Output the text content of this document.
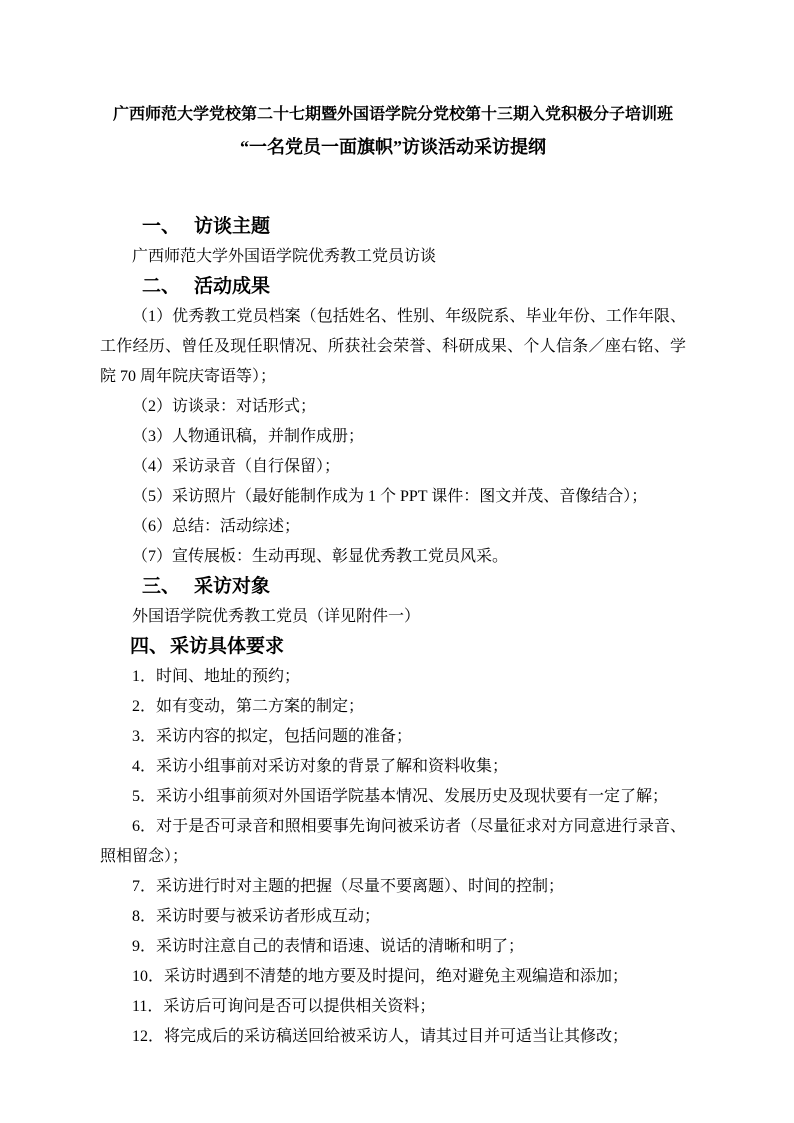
广西师范大学党校第二十七期暨外国语学院分党校第十三期入党积极分子培训班
“一名党员一面旗帜”访谈活动采访提纲
一、 访谈主题

广西师范大学外国语学院优秀教工党员访谈

二、 活动成果

（1）优秀教工党员档案（包括姓名、性别、年级院系、毕业年份、工作年限、工作经历、曾任及现任职情况、所获社会荣誉、科研成果、个人信条／座右铭、学院 70 周年院庆寄语等）；

（2）访谈录：对话形式；

（3）人物通讯稿，并制作成册；

（4）采访录音（自行保留）；

（5）采访照片（最好能制作成为 1 个 PPT 课件：图文并茂、音像结合）；

（6）总结：活动综述；

（7）宣传展板：生动再现、彰显优秀教工党员风采。

三、 采访对象

外国语学院优秀教工党员（详见附件一）

四、 采访具体要求

1．时间、地址的预约；

2．如有变动，第二方案的制定；

3．采访内容的拟定，包括问题的准备；

4．采访小组事前对采访对象的背景了解和资料收集；

5．采访小组事前须对外国语学院基本情况、发展历史及现状要有一定了解；

6．对于是否可录音和照相要事先询问被采访者（尽量征求对方同意进行录音、照相留念）；

7．采访进行时对主题的把握（尽量不要离题）、时间的控制；

8．采访时要与被采访者形成互动；

9．采访时注意自己的表情和语速、说话的清晰和明了；

10．采访时遇到不清楚的地方要及时提问，绝对避免主观编造和添加；

11．采访后可询问是否可以提供相关资料；

12．将完成后的采访稿送回给被采访人，请其过目并可适当让其修改；
